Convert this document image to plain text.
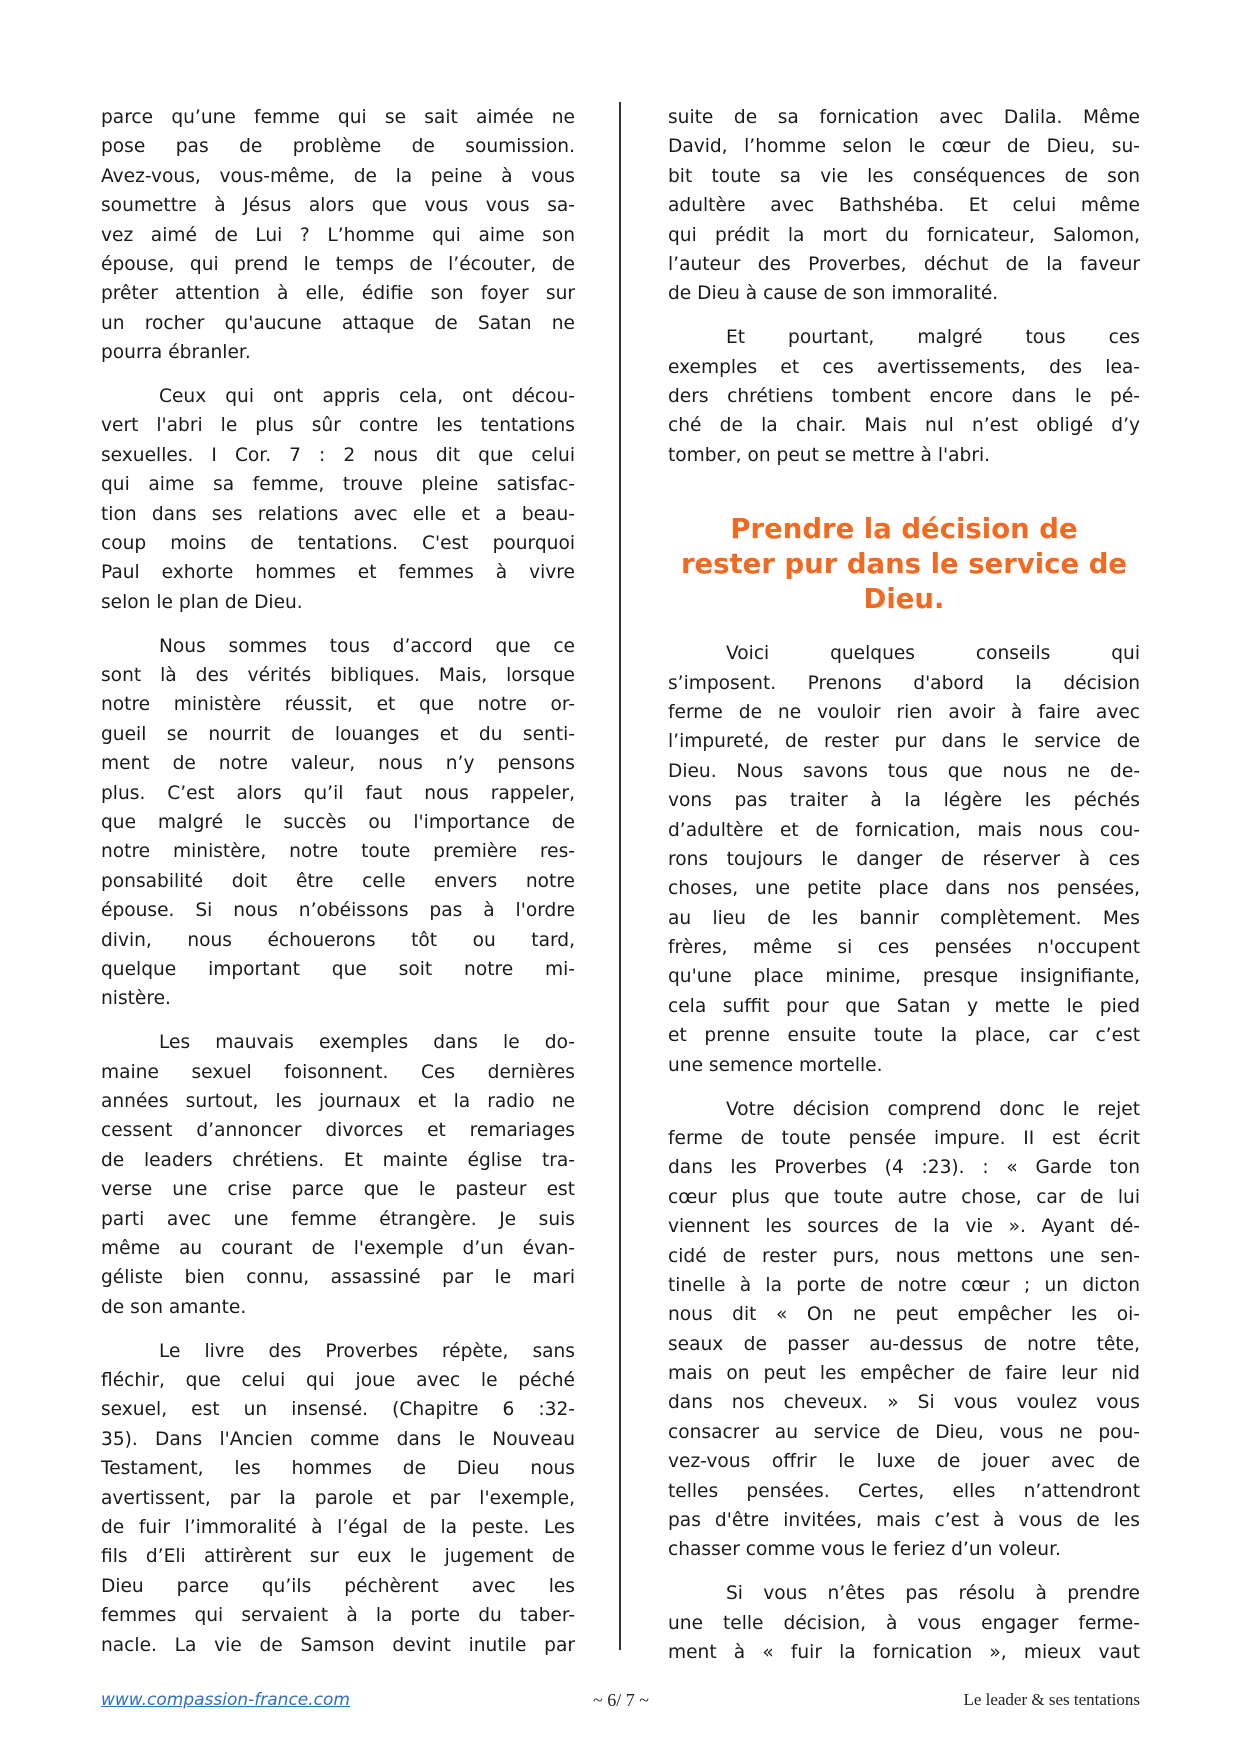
parce qu’une femme qui se sait aimée ne
pose pas de problème de soumission.
Avez-vous, vous-même, de la peine à vous
soumettre à Jésus alors que vous vous sa-
vez aimé de Lui ? L’homme qui aime son
épouse, qui prend le temps de l’écouter, de
prêter attention à elle, édifie son foyer sur
un rocher qu'aucune attaque de Satan ne
pourra ébranler.
Ceux qui ont appris cela, ont décou-
vert l'abri le plus sûr contre les tentations
sexuelles. I Cor. 7 : 2 nous dit que celui
qui aime sa femme, trouve pleine satisfac-
tion dans ses relations avec elle et a beau-
coup moins de tentations. C'est pourquoi
Paul exhorte hommes et femmes à vivre
selon le plan de Dieu.
Nous sommes tous d’accord que ce
sont là des vérités bibliques. Mais, lorsque
notre ministère réussit, et que notre or-
gueil se nourrit de louanges et du senti-
ment de notre valeur, nous n’y pensons
plus. C’est alors qu’il faut nous rappeler,
que malgré le succès ou l'importance de
notre ministère, notre toute première res-
ponsabilité doit être celle envers notre
épouse. Si nous n’obéissons pas à l'ordre
divin, nous échouerons tôt ou tard,
quelque important que soit notre mi-
nistère.
Les mauvais exemples dans le do-
maine sexuel foisonnent. Ces dernières
années surtout, les journaux et la radio ne
cessent d’annoncer divorces et remariages
de leaders chrétiens. Et mainte église tra-
verse une crise parce que le pasteur est
parti avec une femme étrangère. Je suis
même au courant de l'exemple d’un évan-
géliste bien connu, assassiné par le mari
de son amante.
Le livre des Proverbes répète, sans
fléchir, que celui qui joue avec le péché
sexuel, est un insensé. (Chapitre 6 :32-
35). Dans l'Ancien comme dans le Nouveau
Testament, les hommes de Dieu nous
avertissent, par la parole et par l'exemple,
de fuir l’immoralité à l’égal de la peste. Les
fils d’Eli attirèrent sur eux le jugement de
Dieu parce qu’ils péchèrent avec les
femmes qui servaient à la porte du taber-
nacle. La vie de Samson devint inutile par
suite de sa fornication avec Dalila. Même
David, l’homme selon le cœur de Dieu, su-
bit toute sa vie les conséquences de son
adultère avec Bathshéba. Et celui même
qui prédit la mort du fornicateur, Salomon,
l’auteur des Proverbes, déchut de la faveur
de Dieu à cause de son immoralité.
Et pourtant, malgré tous ces
exemples et ces avertissements, des lea-
ders chrétiens tombent encore dans le pé-
ché de la chair. Mais nul n’est obligé d’y
tomber, on peut se mettre à l'abri.
Prendre la décision de
rester pur dans le service de
Dieu.
Voici quelques conseils qui
s’imposent. Prenons d'abord la décision
ferme de ne vouloir rien avoir à faire avec
l’impureté, de rester pur dans le service de
Dieu. Nous savons tous que nous ne de-
vons pas traiter à la légère les péchés
d’adultère et de fornication, mais nous cou-
rons toujours le danger de réserver à ces
choses, une petite place dans nos pensées,
au lieu de les bannir complètement. Mes
frères, même si ces pensées n'occupent
qu'une place minime, presque insignifiante,
cela suffit pour que Satan y mette le pied
et prenne ensuite toute la place, car c’est
une semence mortelle.
Votre décision comprend donc le rejet
ferme de toute pensée impure. II est écrit
dans les Proverbes (4 :23). : « Garde ton
cœur plus que toute autre chose, car de lui
viennent les sources de la vie ». Ayant dé-
cidé de rester purs, nous mettons une sen-
tinelle à la porte de notre cœur ; un dicton
nous dit « On ne peut empêcher les oi-
seaux de passer au-dessus de notre tête,
mais on peut les empêcher de faire leur nid
dans nos cheveux. » Si vous voulez vous
consacrer au service de Dieu, vous ne pou-
vez-vous offrir le luxe de jouer avec de
telles pensées. Certes, elles n’attendront
pas d'être invitées, mais c’est à vous de les
chasser comme vous le feriez d’un voleur.
Si vous n’êtes pas résolu à prendre
une telle décision, à vous engager ferme-
ment à « fuir la fornication », mieux vaut
www.compassion-france.com	~ 6/ 7 ~	Le leader & ses tentations
